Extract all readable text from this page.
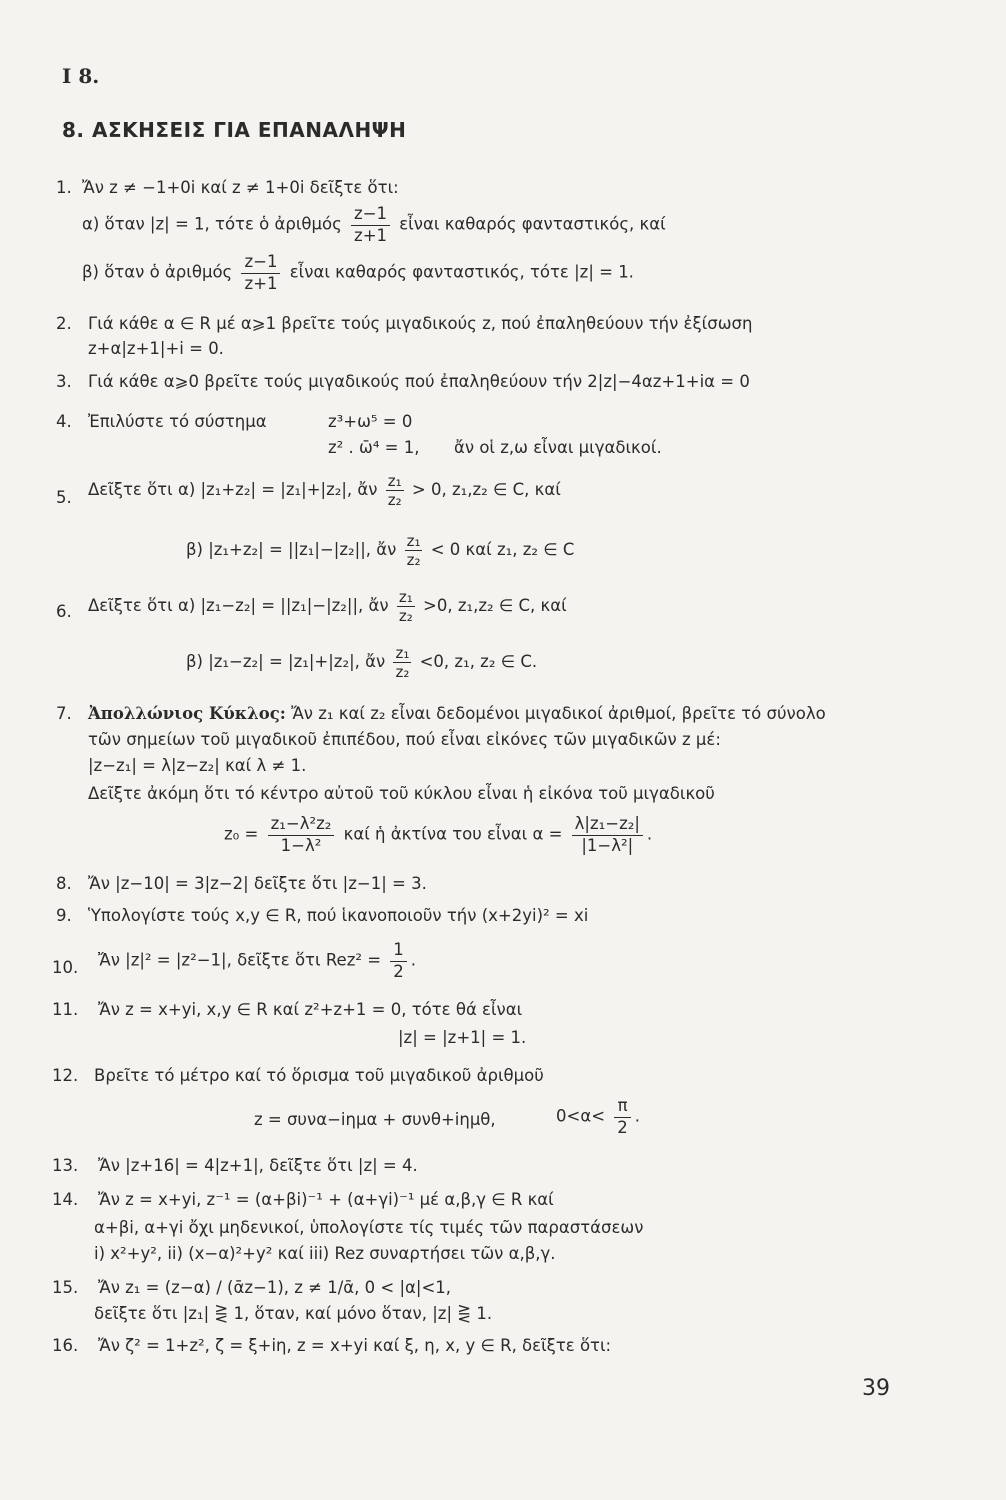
I 8.
8. ΑΣΚΗΣΕΙΣ ΓΙΑ ΕΠΑΝΑΛΗΨΗ
1. Ἄν z ≠ −1+0i καί z ≠ 1+0i δεῖξτε ὅτι:
α) ὅταν |z| = 1, τότε ὁ ἀριθμός $\frac{z-1}{z+1}$ εἶναι καθαρός φανταστικός, καί
β) ὅταν ὁ ἀριθμός $\frac{z-1}{z+1}$ εἶναι καθαρός φανταστικός, τότε |z| = 1.
2. Γιά κάθε α ∈ R μέ α⩾1 βρεῖτε τούς μιγαδικούς z, πού ἐπαληθεύουν τήν ἐξίσωση
z+α|z+1|+i = 0.
3. Γιά κάθε α⩾0 βρεῖτε τούς μιγαδικούς πού ἐπαληθεύουν τήν 2|z|−4αz+1+iα = 0
4. Ἐπιλύστε τό σύστημα	z³+ω⁵ = 0
z² . ω̄⁴ = 1, ἄν οἱ z,ω εἶναι μιγαδικοί.
5. Δεῖξτε ὅτι α) |z₁+z₂| = |z₁|+|z₂|, ἄν $\frac{\text{z₁}}{\text{z₂}} > 0$, z₁,z₂ ∈ C, καί
β) |z₁+z₂| = ||z₁|−|z₂||, ἄν $\frac{\text{z₁}}{\text{z₂}} < 0$ καί z₁, z₂ ∈ C
6. Δεῖξτε ὅτι α) |z₁−z₂| = ||z₁|−|z₂||, ἄν $\frac{\text{z₁}}{\text{z₂}} >0$, z₁,z₂ ∈ C, καί
β) |z₁−z₂| = |z₁|+|z₂|, ἄν $\frac{\text{z₁}}{\text{z₂}} <0$, z₁, z₂ ∈ C.
7. Ἀπολλώνιος Κύκλος: Ἄν z₁ καί z₂ εἶναι δεδομένοι μιγαδικοί ἀριθμοί, βρεῖτε τό σύνολο
τῶν σημείων τοῦ μιγαδικοῦ ἐπιπέδου, πού εἶναι εἰκόνες τῶν μιγαδικῶν z μέ:
|z−z₁| = λ|z−z₂| καί λ ≠ 1.
Δεῖξτε ἀκόμη ὅτι τό κέντρο αὐτοῦ τοῦ κύκλου εἶναι ἡ εἰκόνα τοῦ μιγαδικοῦ
$z_0 = \frac{\text{z₁−λ²z₂}}{\text{1−λ²}}$ καί ἡ ἀκτίνα του εἶναι $\alpha = \frac{\text{λ|z₁−z₂|}}{\text{|1−λ²|}}$ .
8. Ἄν |z−10| = 3|z−2| δεῖξτε ὅτι |z−1| = 3.
9. Ὑπολογίστε τούς x,y ∈ R, πού ἱκανοποιοῦν τήν (x+2yi)² = xi
10. Ἄν |z|² = |z²−1|, δεῖξτε ὅτι $Rez^2 = \frac{1}{2}$ .
11. Ἄν z = x+yi, x,y ∈ R καί z²+z+1 = 0, τότε θά εἶναι
|z| = |z+1| = 1.
12. Βρεῖτε τό μέτρο καί τό ὅρισμα τοῦ μιγαδικοῦ ἀριθμοῦ
z = συνα−iημα + συνθ+iημθ,	$0<\alpha< \frac{\pi}{2}$ .
13. Ἄν |z+16| = 4|z+1|, δεῖξτε ὅτι |z| = 4.
14. Ἄν z = x+yi, z⁻¹ = (α+βi)⁻¹ + (α+γi)⁻¹ μέ α,β,γ ∈ R καί
α+βi, α+γi ὄχι μηδενικοί, ὑπολογίστε τίς τιμές τῶν παραστάσεων
i) x²+y², ii) (x−α)²+y² καί iii) Rez συναρτήσει τῶν α,β,γ.
15. Ἄν z₁ = (z−α) / (ᾱz−1), z ≠ 1/ᾱ, 0 < |α|<1,
δεῖξτε ὅτι |z₁| ⋛ 1, ὅταν, καί μόνο ὅταν, |z| ⋛ 1.
16. Ἄν ζ² = 1+z², ζ = ξ+iη, z = x+yi καί ξ, η, x, y ∈ R, δεῖξτε ὅτι:
39
